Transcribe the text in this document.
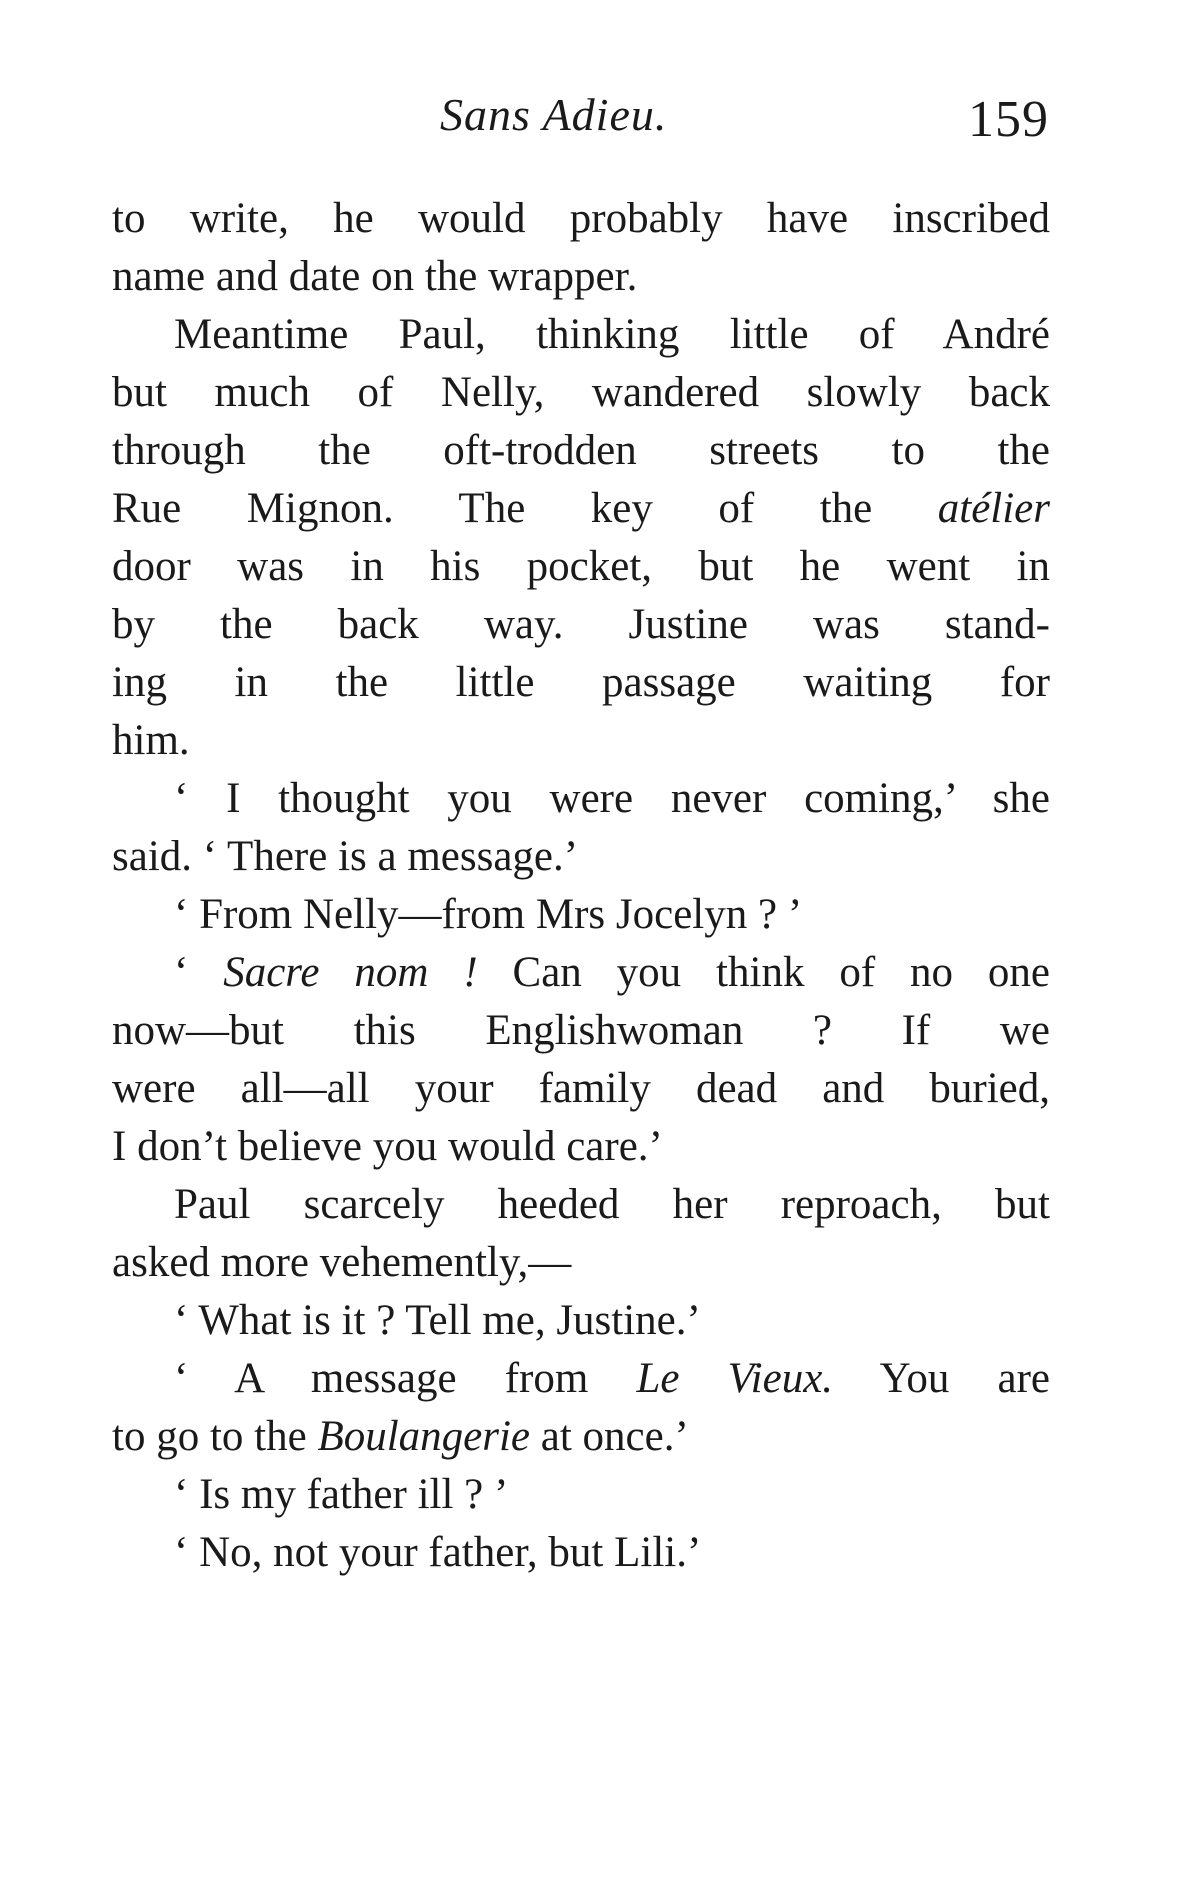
Sans Adieu.	159
to write, he would probably have inscribed
name and date on the wrapper.
Meantime Paul, thinking little of André
but much of Nelly, wandered slowly back
through the oft-trodden streets to the
Rue Mignon. The key of the atélier
door was in his pocket, but he went in
by the back way. Justine was stand-
ing in the little passage waiting for
him.
‘ I thought you were never coming,’ she
said. ‘ There is a message.’
‘ From Nelly—from Mrs Jocelyn ? ’
‘ Sacre nom ! Can you think of no one
now—but this Englishwoman ? If we
were all—all your family dead and buried,
I don’t believe you would care.’
Paul scarcely heeded her reproach, but
asked more vehemently,—
‘ What is it ? Tell me, Justine.’
‘ A message from Le Vieux. You are
to go to the Boulangerie at once.’
‘ Is my father ill ? ’
‘ No, not your father, but Lili.’
